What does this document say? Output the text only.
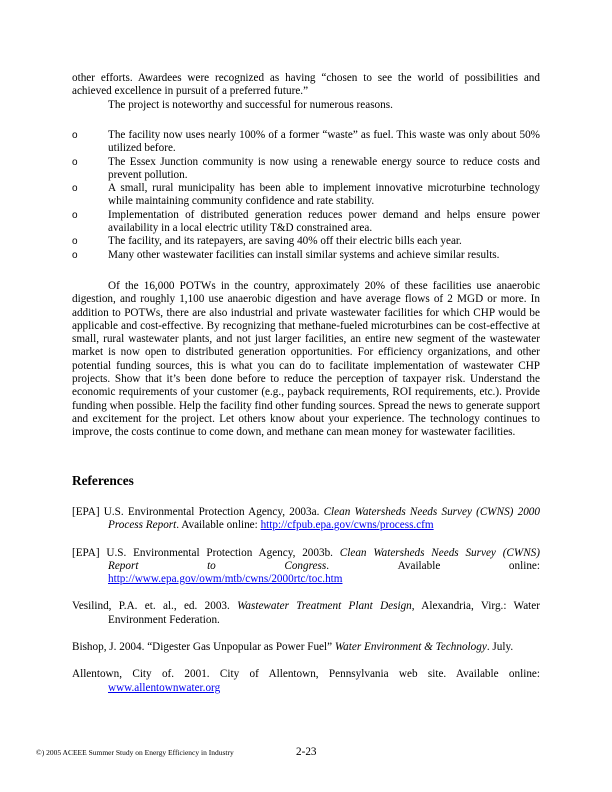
other efforts. Awardees were recognized as having “chosen to see the world of possibilities and

achieved excellence in pursuit of a preferred future.”

The project is noteworthy and successful for numerous reasons.

o	The facility now uses nearly 100% of a former “waste” as fuel. This waste was only about 50% utilized before.
o	The Essex Junction community is now using a renewable energy source to reduce costs and prevent pollution.
o	A small, rural municipality has been able to implement innovative microturbine technology while maintaining community confidence and rate stability.
o	Implementation of distributed generation reduces power demand and helps ensure power availability in a local electric utility T&D constrained area.
o	The facility, and its ratepayers, are saving 40% off their electric bills each year.
o	Many other wastewater facilities can install similar systems and achieve similar results.

Of the 16,000 POTWs in the country, approximately 20% of these facilities use anaerobic digestion, and roughly 1,100 use anaerobic digestion and have average flows of 2 MGD or more. In addition to POTWs, there are also industrial and private wastewater facilities for which CHP would be applicable and cost-effective. By recognizing that methane-fueled microturbines can be cost-effective at small, rural wastewater plants, and not just larger facilities, an entire new segment of the wastewater market is now open to distributed generation opportunities. For efficiency organizations, and other potential funding sources, this is what you can do to facilitate implementation of wastewater CHP projects. Show that it’s been done before to reduce the perception of taxpayer risk. Understand the economic requirements of your customer (e.g., payback requirements, ROI requirements, etc.). Provide funding when possible. Help the facility find other funding sources. Spread the news to generate support and excitement for the project. Let others know about your experience. The technology continues to improve, the costs continue to come down, and methane can mean money for wastewater facilities.

References

[EPA] U.S. Environmental Protection Agency, 2003a. Clean Watersheds Needs Survey (CWNS) 2000 Process Report. Available online: http://cfpub.epa.gov/cwns/process.cfm

[EPA] U.S. Environmental Protection Agency, 2003b. Clean Watersheds Needs Survey (CWNS)
Report	to	Congress.	Available	online:
http://www.epa.gov/owm/mtb/cwns/2000rtc/toc.htm

Vesilind, P.A. et. al., ed. 2003. Wastewater Treatment Plant Design, Alexandria, Virg.: Water Environment Federation.

Bishop, J. 2004. “Digester Gas Unpopular as Power Fuel” Water Environment & Technology. July.

Allentown, City of. 2001. City of Allentown, Pennsylvania web site. Available online: www.allentownwater.org

©) 2005 ACEEE Summer Study on Energy Efficiency in Industry	2-23
